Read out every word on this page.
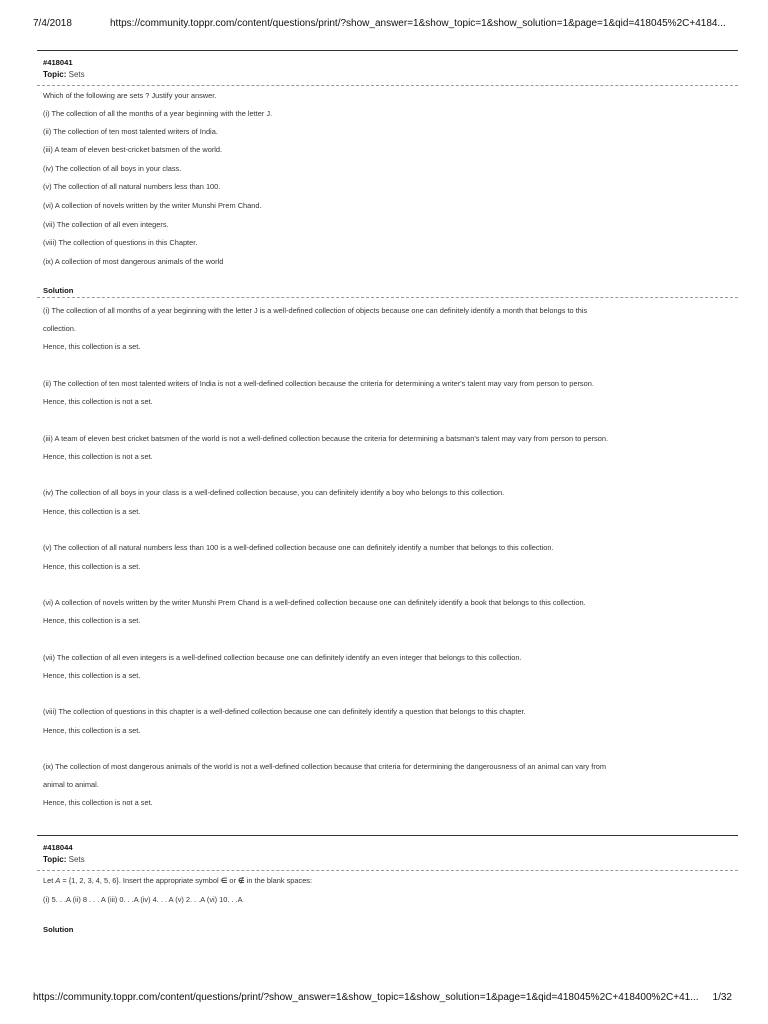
7/4/2018	https://community.toppr.com/content/questions/print/?show_answer=1&show_topic=1&show_solution=1&page=1&qid=418045%2C+4184...
#418041
Topic: Sets
Which of the following are sets ? Justify your answer.
(i) The collection of all the months of a year beginning with the letter J.
(ii) The collection of ten most talented writers of India.
(iii) A team of eleven best-cricket batsmen of the world.
(iv) The collection of all boys in your class.
(v) The collection of all natural numbers less than 100.
(vi) A collection of novels written by the writer Munshi Prem Chand.
(vii) The collection of all even integers.
(viii) The collection of questions in this Chapter.
(ix) A collection of most dangerous animals of the world
Solution
(i) The collection of all months of a year beginning with the letter J is a well-defined collection of objects because one can definitely identify a month that belongs to this
collection.
Hence, this collection is a set.
(ii) The collection of ten most talented writers of India is not a well-defined collection because the criteria for determining a writer's talent may vary from person to person.
Hence, this collection is not a set.
(iii) A team of eleven best cricket batsmen of the world is not a well-defined collection because the criteria for determining a batsman's talent may vary from person to person.
Hence, this collection is not a set.
(iv) The collection of all boys in your class is a well-defined collection because, you can definitely identify a boy who belongs to this collection.
Hence, this collection is a set.
(v) The collection of all natural numbers less than 100 is a well-defined collection because one can definitely identify a number that belongs to this collection.
Hence, this collection is a set.
(vi) A collection of novels written by the writer Munshi Prem Chand is a well-defined collection because one can definitely identify a book that belongs to this collection.
Hence, this collection is a set.
(vii) The collection of all even integers is a well-defined collection because one can definitely identify an even integer that belongs to this collection.
Hence, this collection is a set.
(viii) The collection of questions in this chapter is a well-defined collection because one can definitely identify a question that belongs to this chapter.
Hence, this collection is a set.
(ix) The collection of most dangerous animals of the world is not a well-defined collection because that criteria for determining the dangerousness of an animal can vary from
animal to animal.
Hence, this collection is not a set.
#418044
Topic: Sets
Let A = {1, 2, 3, 4, 5, 6}. Insert the appropriate symbol ∈ or ∉ in the blank spaces:
(i) 5. . .A (ii) 8 . . . A (iii) 0. . .A (iv) 4. . . A (v) 2. . .A (vi) 10. . .A
Solution
https://community.toppr.com/content/questions/print/?show_answer=1&show_topic=1&show_solution=1&page=1&qid=418045%2C+418400%2C+41... 1/32
